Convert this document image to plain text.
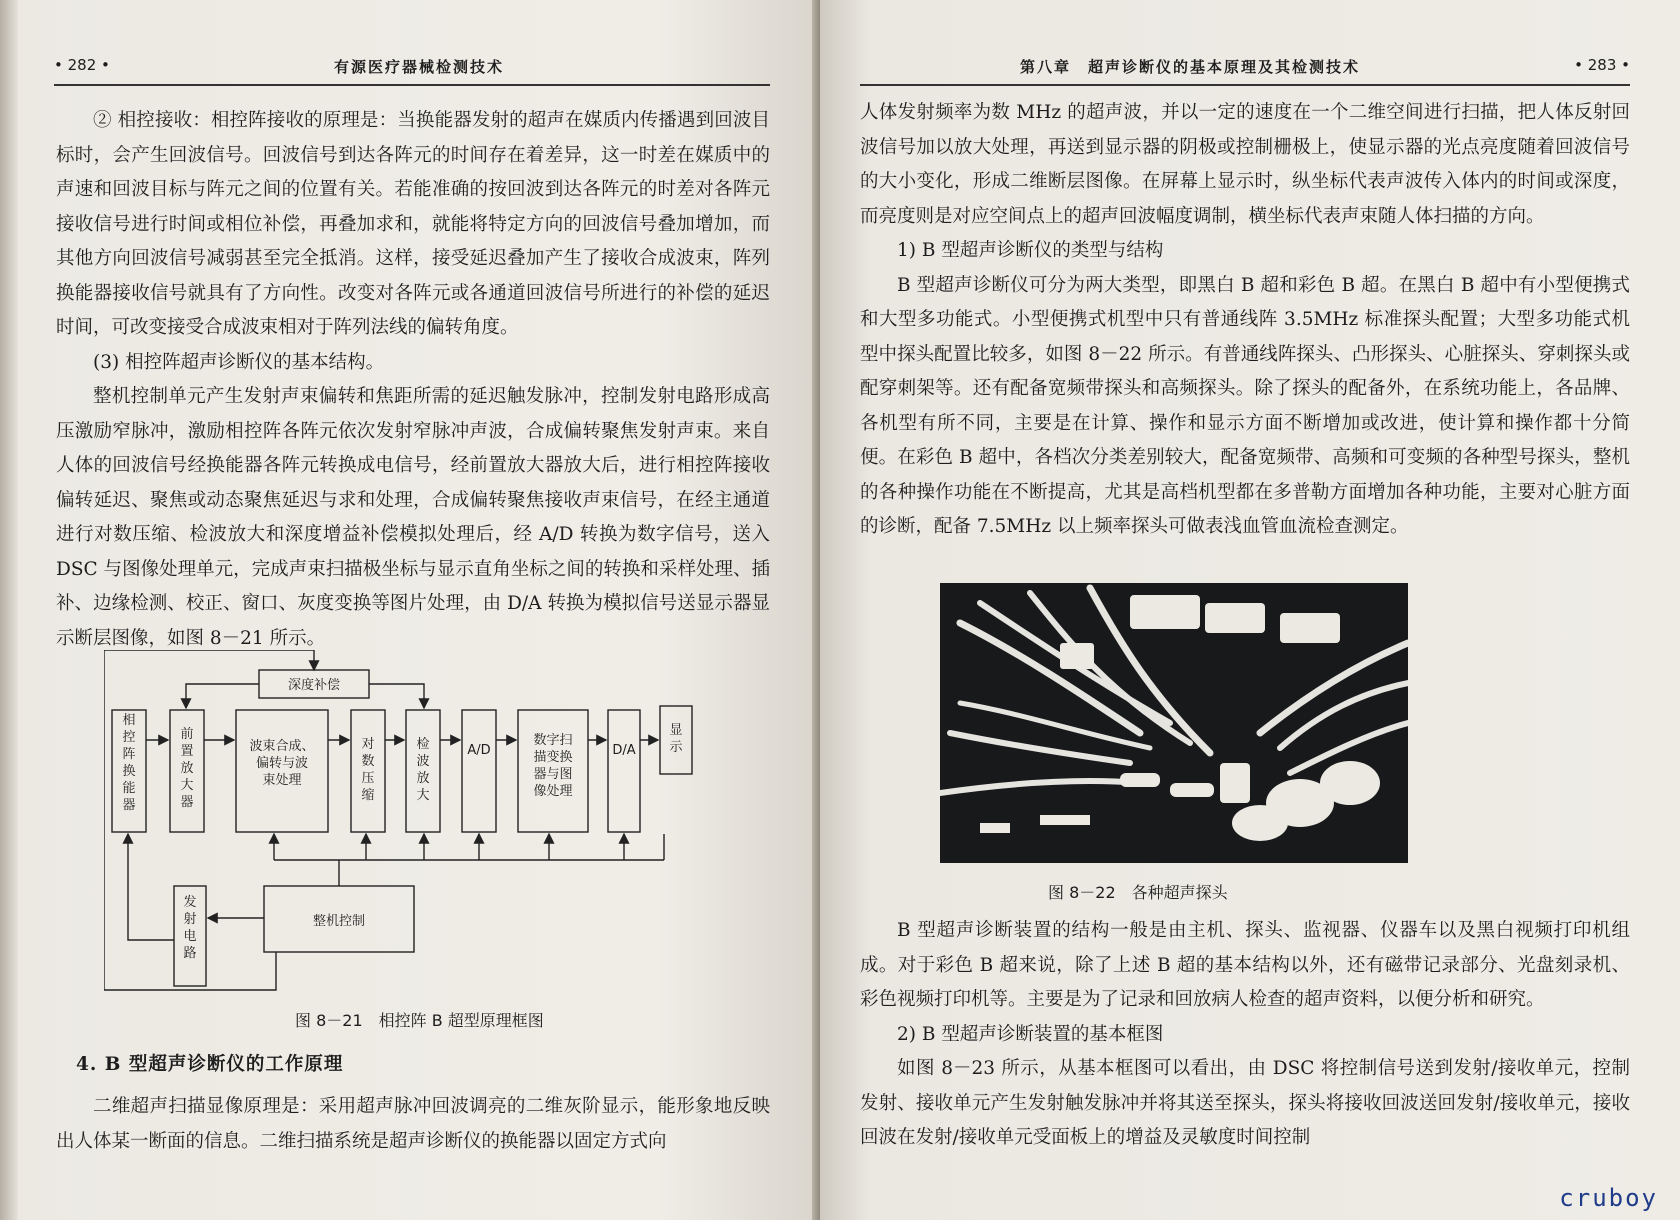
• 282 •	有源医疗器械检测技术

② 相控接收：相控阵接收的原理是：当换能器发射的超声在媒质内传播遇到回波目标时，会产生回波信号。回波信号到达各阵元的时间存在着差异，这一时差在媒质中的声速和回波目标与阵元之间的位置有关。若能准确的按回波到达各阵元的时差对各阵元接收信号进行时间或相位补偿，再叠加求和，就能将特定方向的回波信号叠加增加，而其他方向回波信号减弱甚至完全抵消。这样，接受延迟叠加产生了接收合成波束，阵列换能器接收信号就具有了方向性。改变对各阵元或各通道回波信号所进行的补偿的延迟时间，可改变接受合成波束相对于阵列法线的偏转角度。

(3) 相控阵超声诊断仪的基本结构。

整机控制单元产生发射声束偏转和焦距所需的延迟触发脉冲，控制发射电路形成高压激励窄脉冲，激励相控阵各阵元依次发射窄脉冲声波，合成偏转聚焦发射声束。来自人体的回波信号经换能器各阵元转换成电信号，经前置放大器放大后，进行相控阵接收偏转延迟、聚焦或动态聚焦延迟与求和处理，合成偏转聚焦接收声束信号，在经主通道进行对数压缩、检波放大和深度增益补偿模拟处理后，经 A/D 转换为数字信号，送入 DSC 与图像处理单元，完成声束扫描极坐标与显示直角坐标之间的转换和采样处理、插补、边缘检测、校正、窗口、灰度变换等图片处理，由 D/A 转换为模拟信号送显示器显示断层图像，如图 8－21 所示。

深度补偿
相控阵换能器
前置放大器
波束合成、
偏转与波
束处理
对数压缩
检波放大
A/D
数字扫
描变换
器与图
像处理
D/A
显示
发射电路
整机控制
图 8－21　相控阵 B 超型原理框图
4. B 型超声诊断仪的工作原理

二维超声扫描显像原理是：采用超声脉冲回波调亮的二维灰阶显示，能形象地反映出人体某一断面的信息。二维扫描系统是超声诊断仪的换能器以固定方式向

第八章　超声诊断仪的基本原理及其检测技术	• 283 •

人体发射频率为数 MHz 的超声波，并以一定的速度在一个二维空间进行扫描，把人体反射回波信号加以放大处理，再送到显示器的阴极或控制栅极上，使显示器的光点亮度随着回波信号的大小变化，形成二维断层图像。在屏幕上显示时，纵坐标代表声波传入体内的时间或深度，而亮度则是对应空间点上的超声回波幅度调制，横坐标代表声束随人体扫描的方向。

1) B 型超声诊断仪的类型与结构

B 型超声诊断仪可分为两大类型，即黑白 B 超和彩色 B 超。在黑白 B 超中有小型便携式和大型多功能式。小型便携式机型中只有普通线阵 3.5MHz 标准探头配置；大型多功能式机型中探头配置比较多，如图 8－22 所示。有普通线阵探头、凸形探头、心脏探头、穿刺探头或配穿刺架等。还有配备宽频带探头和高频探头。除了探头的配备外，在系统功能上，各品牌、各机型有所不同，主要是在计算、操作和显示方面不断增加或改进，使计算和操作都十分简便。在彩色 B 超中，各档次分类差别较大，配备宽频带、高频和可变频的各种型号探头，整机的各种操作功能在不断提高，尤其是高档机型都在多普勒方面增加各种功能，主要对心脏方面的诊断，配备 7.5MHz 以上频率探头可做表浅血管血流检查测定。

图 8－22　各种超声探头

B 型超声诊断装置的结构一般是由主机、探头、监视器、仪器车以及黑白视频打印机组成。对于彩色 B 超来说，除了上述 B 超的基本结构以外，还有磁带记录部分、光盘刻录机、彩色视频打印机等。主要是为了记录和回放病人检查的超声资料，以便分析和研究。

2) B 型超声诊断装置的基本框图

如图 8－23 所示，从基本框图可以看出，由 DSC 将控制信号送到发射/接收单元，控制发射、接收单元产生发射触发脉冲并将其送至探头，探头将接收回波送回发射/接收单元，接收回波在发射/接收单元受面板上的增益及灵敏度时间控制

cruboy
